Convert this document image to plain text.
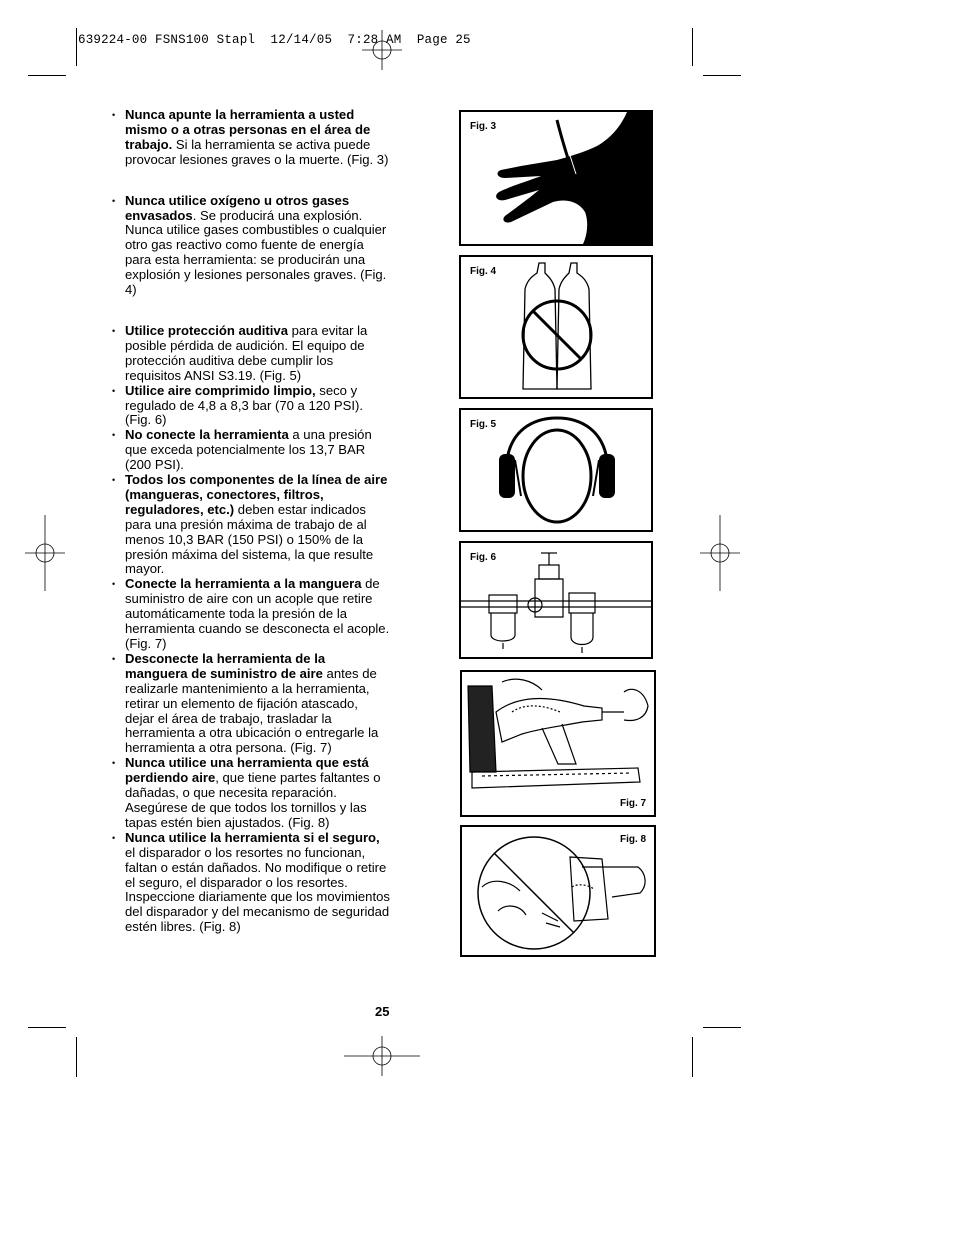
639224-00 FSNS100 Stapl  12/14/05  7:28 AM  Page 25
• Nunca apunte la herramienta a usted mismo o a otras personas en el área de trabajo. Si la herramienta se activa puede provocar lesiones graves o la muerte. (Fig. 3)
• Nunca utilice oxígeno u otros gases envasados. Se producirá una explosión. Nunca utilice gases combustibles o cualquier otro gas reactivo como fuente de energía para esta herramienta: se producirán una explosión y lesiones personales graves. (Fig. 4)
• Utilice protección auditiva para evitar la posible pérdida de audición. El equipo de protección auditiva debe cumplir los requisitos ANSI S3.19. (Fig. 5)
• Utilice aire comprimido limpio, seco y regulado de 4,8 a 8,3 bar (70 a 120 PSI). (Fig. 6)
• No conecte la herramienta a una presión que exceda potencialmente los 13,7 BAR (200 PSI).
• Todos los componentes de la línea de aire (mangueras, conectores, filtros, reguladores, etc.) deben estar indicados para una presión máxima de trabajo de al menos 10,3 BAR (150 PSI) o 150% de la presión máxima del sistema, la que resulte mayor.
• Conecte la herramienta a la manguera de suministro de aire con un acople que retire automáticamente toda la presión de la herramienta cuando se desconecta el acople. (Fig. 7)
• Desconecte la herramienta de la manguera de suministro de aire antes de realizarle mantenimiento a la herramienta, retirar un elemento de fijación atascado, dejar el área de trabajo, trasladar la herramienta a otra ubicación o entregarle la herramienta a otra persona. (Fig. 7)
• Nunca utilice una herramienta que está perdiendo aire, que tiene partes faltantes o dañadas, o que necesita reparación. Asegúrese de que todos los tornillos y las tapas estén bien ajustados. (Fig. 8)
• Nunca utilice la herramienta si el seguro, el disparador o los resortes no funcionan, faltan o están dañados. No modifique o retire el seguro, el disparador o los resortes. Inspeccione diariamente que los movimientos del disparador y del mecanismo de seguridad estén libres. (Fig. 8)
25
Fig. 3
Fig. 4
Fig. 5
Fig. 6
Fig. 7
Fig. 8
